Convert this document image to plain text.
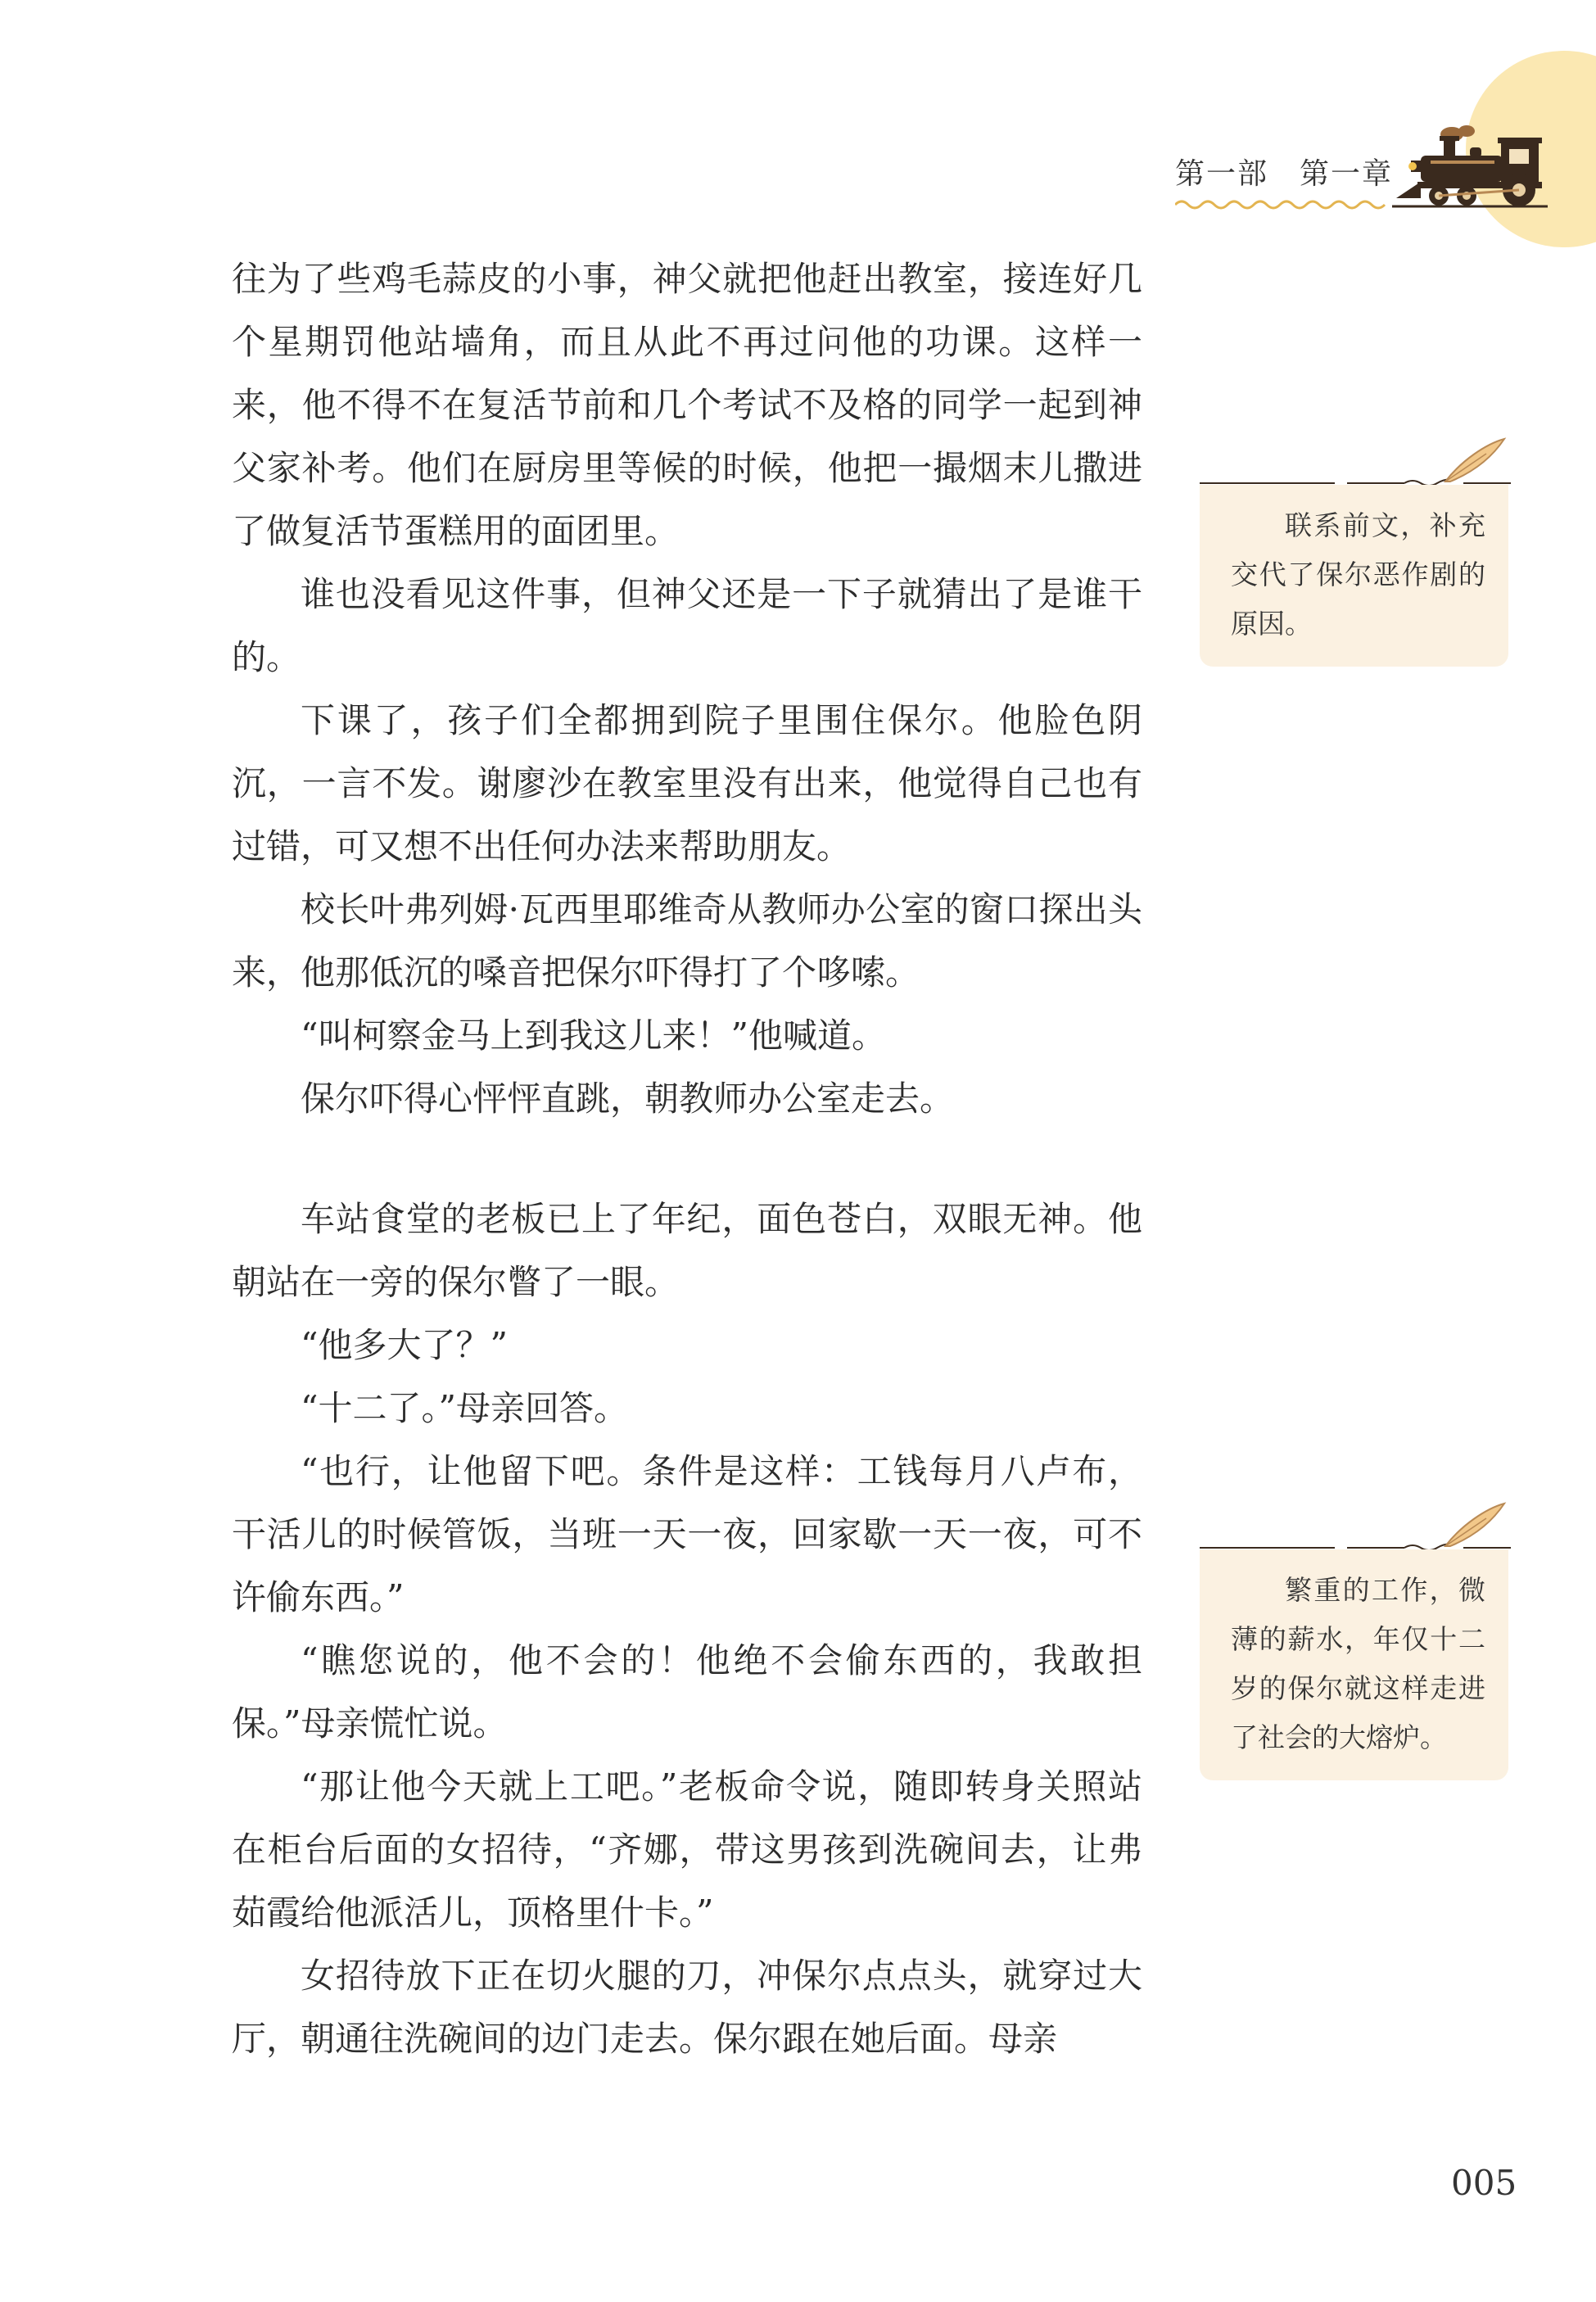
第一部 第一章

往为了些鸡毛蒜皮的小事，神父就把他赶出教室，接连好几个星期罚他站墙角，而且从此不再过问他的功课。这样一来，他不得不在复活节前和几个考试不及格的同学一起到神父家补考。他们在厨房里等候的时候，他把一撮烟末儿撒进了做复活节蛋糕用的面团里。

谁也没看见这件事，但神父还是一下子就猜出了是谁干的。

下课了，孩子们全都拥到院子里围住保尔。他脸色阴沉，一言不发。谢廖沙在教室里没有出来，他觉得自己也有过错，可又想不出任何办法来帮助朋友。

校长叶弗列姆·瓦西里耶维奇从教师办公室的窗口探出头来，他那低沉的嗓音把保尔吓得打了个哆嗦。

“叫柯察金马上到我这儿来！”他喊道。

保尔吓得心怦怦直跳，朝教师办公室走去。

车站食堂的老板已上了年纪，面色苍白，双眼无神。他朝站在一旁的保尔瞥了一眼。

“他多大了？”

“十二了。”母亲回答。

“也行，让他留下吧。条件是这样：工钱每月八卢布，干活儿的时候管饭，当班一天一夜，回家歇一天一夜，可不许偷东西。”

“瞧您说的，他不会的！他绝不会偷东西的，我敢担保。”母亲慌忙说。

“那让他今天就上工吧。”老板命令说，随即转身关照站在柜台后面的女招待，“齐娜，带这男孩到洗碗间去，让弗茹霞给他派活儿，顶格里什卡。”

女招待放下正在切火腿的刀，冲保尔点点头，就穿过大厅，朝通往洗碗间的边门走去。保尔跟在她后面。母亲

联系前文，补充交代了保尔恶作剧的原因。
繁重的工作，微薄的薪水，年仅十二岁的保尔就这样走进了社会的大熔炉。
005
